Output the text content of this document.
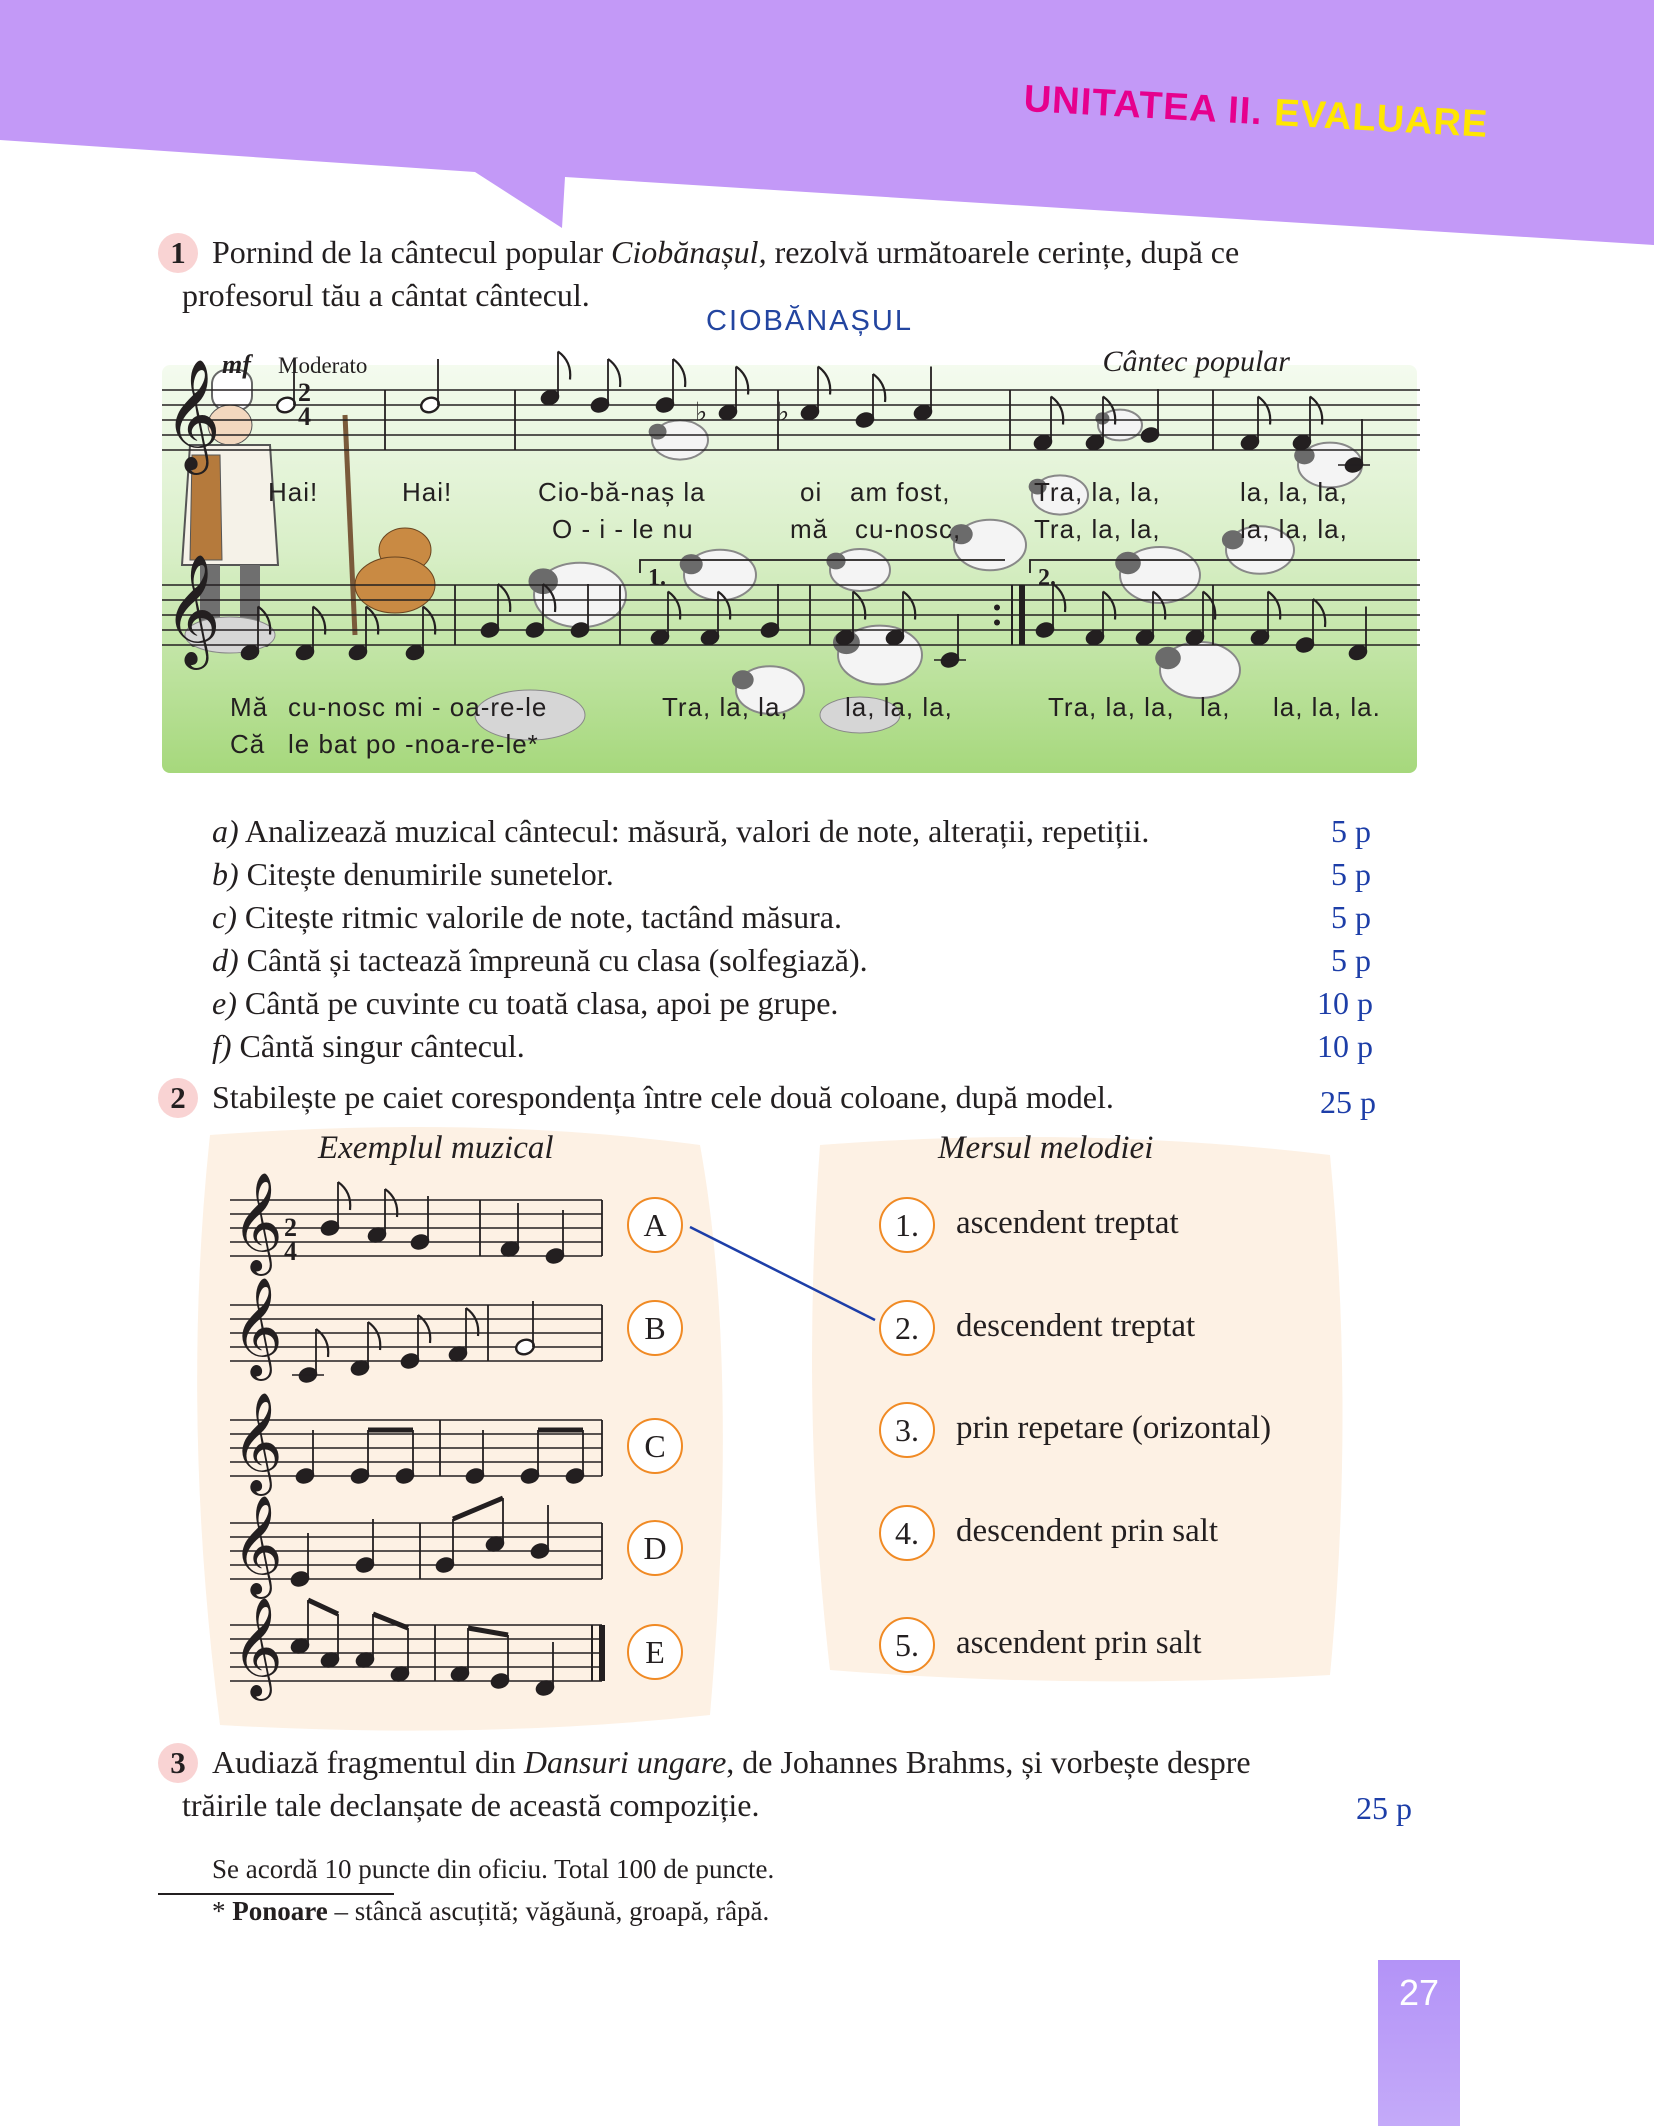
UNITATEA II. EVALUARE
1 Pornind de la cântecul popular Ciobănașul, rezolvă următoarele cerințe, după ce
profesorul tău a cântat cântecul.
CIOBĂNAȘUL
𝄞	♭	♭
𝄞
mf Moderato	Cântec popular
1.	2.
2
4
Hai!	Hai!	Cio-bă-naș la	oi am fost,	Tra, la, la,	la, la, la,
O - i - le nu	mă cu-nosc,	Tra, la, la,	la, la, la,
Mă cu-nosc mi - oa-re-le	Tra, la, la, la, la, la,	Tra, la, la, la, la, la, la.
Că le bat po -noa-re-le*
a) Analizează muzical cântecul: măsură, valori de note, alterații, repetiții.	5 p
b) Citește denumirile sunetelor.	5 p
c) Citește ritmic valorile de note, tactând măsura.	5 p
d) Cântă și tactează împreună cu clasa (solfegiază).	5 p
e) Cântă pe cuvinte cu toată clasa, apoi pe grupe.	10 p
f) Cântă singur cântecul.	10 p
2 Stabilește pe caiet corespondența între cele două coloane, după model.	25 p
Exemplul muzical	Mersul melodiei
2
4
𝄞
𝄞
𝄞
𝄞
𝄞
A
B
C
D
E
1.	ascendent treptat
2.	descendent treptat
3.	prin repetare (orizontal)
4.	descendent prin salt
5.	ascendent prin salt
3 Audiază fragmentul din Dansuri ungare, de Johannes Brahms, și vorbește despre
trăirile tale declanșate de această compoziție.	25 p
Se acordă 10 puncte din oficiu. Total 100 de puncte.
* Ponoare – stâncă ascuțită; văgăună, groapă, râpă.
27
